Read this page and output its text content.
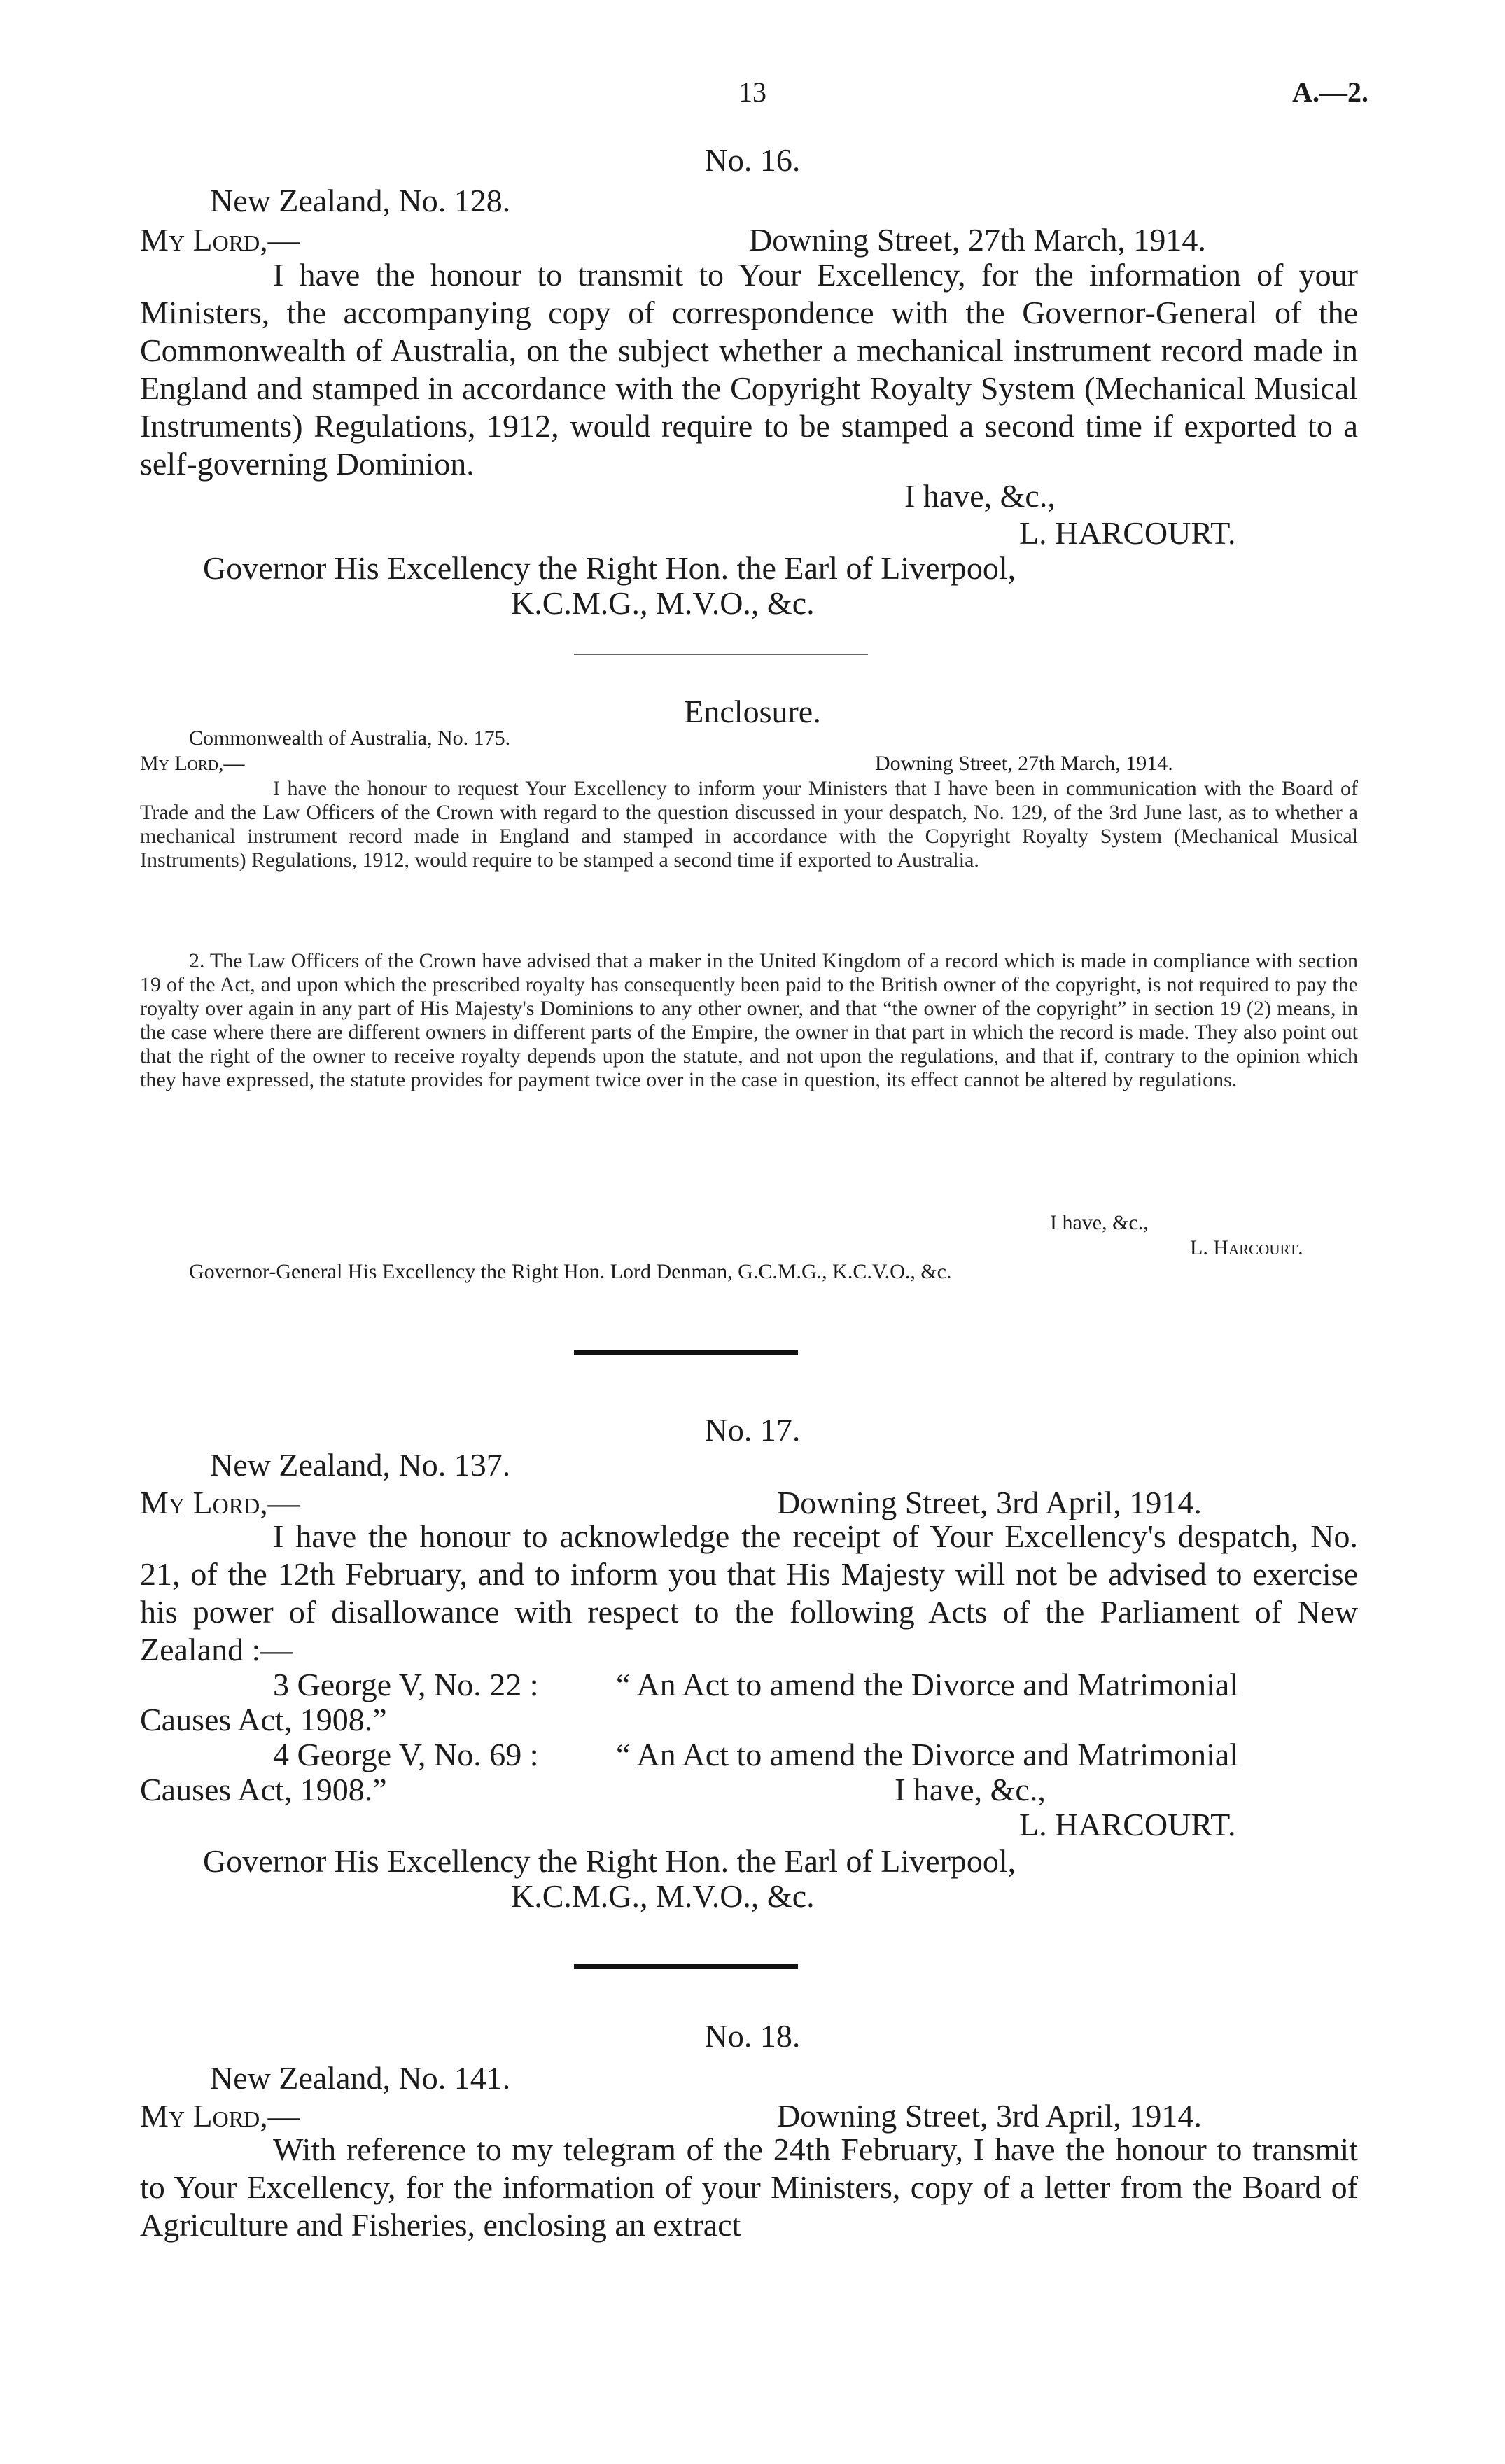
13	A.—2.
No. 16.
New Zealand, No. 128.
My Lord,—	Downing Street, 27th March, 1914.
I have the honour to transmit to Your Excellency, for the information of your Ministers, the accompanying copy of correspondence with the Governor-General of the Commonwealth of Australia, on the subject whether a mechanical instrument record made in England and stamped in accordance with the Copyright Royalty System (Mechanical Musical Instruments) Regulations, 1912, would require to be stamped a second time if exported to a self-governing Dominion.
I have, &c.,
L. HARCOURT.
Governor His Excellency the Right Hon. the Earl of Liverpool,
K.C.M.G., M.V.O., &c.
Enclosure.
Commonwealth of Australia, No. 175.
My Lord,—	Downing Street, 27th March, 1914.
I have the honour to request Your Excellency to inform your Ministers that I have been in communication with the Board of Trade and the Law Officers of the Crown with regard to the question discussed in your despatch, No. 129, of the 3rd June last, as to whether a mechanical instrument record made in England and stamped in accordance with the Copyright Royalty System (Mechanical Musical Instruments) Regulations, 1912, would require to be stamped a second time if exported to Australia.
2. The Law Officers of the Crown have advised that a maker in the United Kingdom of a record which is made in compliance with section 19 of the Act, and upon which the prescribed royalty has consequently been paid to the British owner of the copyright, is not required to pay the royalty over again in any part of His Majesty's Dominions to any other owner, and that “the owner of the copyright” in section 19 (2) means, in the case where there are different owners in different parts of the Empire, the owner in that part in which the record is made. They also point out that the right of the owner to receive royalty depends upon the statute, and not upon the regulations, and that if, contrary to the opinion which they have expressed, the statute provides for payment twice over in the case in question, its effect cannot be altered by regulations.
I have, &c.,
L. Harcourt.
Governor-General His Excellency the Right Hon. Lord Denman, G.C.M.G., K.C.V.O., &c.
No. 17.
New Zealand, No. 137.
My Lord,—	Downing Street, 3rd April, 1914.
I have the honour to acknowledge the receipt of Your Excellency's despatch, No. 21, of the 12th February, and to inform you that His Majesty will not be advised to exercise his power of disallowance with respect to the following Acts of the Parliament of New Zealand :—
3 George V, No. 22 : “ An Act to amend the Divorce and Matrimonial
Causes Act, 1908.”
4 George V, No. 69 : “ An Act to amend the Divorce and Matrimonial
Causes Act, 1908.”	I have, &c.,
L. HARCOURT.
Governor His Excellency the Right Hon. the Earl of Liverpool,
K.C.M.G., M.V.O., &c.
No. 18.
New Zealand, No. 141.
My Lord,—	Downing Street, 3rd April, 1914.
With reference to my telegram of the 24th February, I have the honour to transmit to Your Excellency, for the information of your Ministers, copy of a letter from the Board of Agriculture and Fisheries, enclosing an extract
